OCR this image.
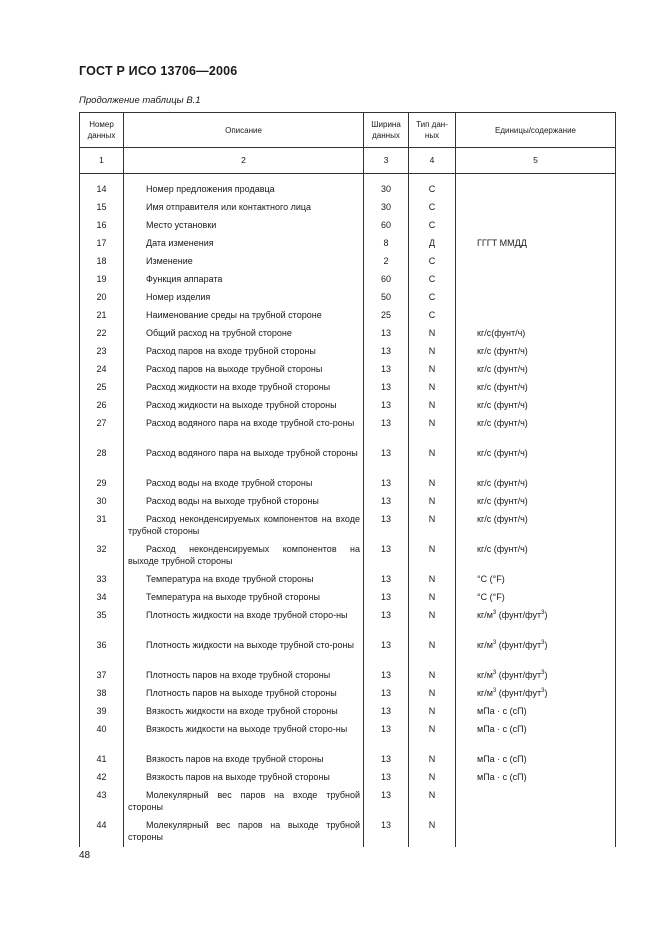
ГОСТ Р ИСО 13706—2006
Продолжение таблицы В.1
Номер данных	Описание	Ширина данных	Тип дан-ных	Единицы/содержание
1	2	3	4	5

14	Номер предложения продавца	30	С	
15	Имя отправителя или контактного лица	30	С	
16	Место установки	60	С	
17	Дата изменения	8	Д	ГГГТ ММДД
18	Изменение	2	С	
19	Функция аппарата	60	С	
20	Номер изделия	50	С	
21	Наименование среды на трубной стороне	25	С	
22	Общий расход на трубной стороне	13	N	кг/с(фунт/ч)
23	Расход паров на входе трубной стороны	13	N	кг/с (фунт/ч)
24	Расход паров на выходе трубной стороны	13	N	кг/с (фунт/ч)
25	Расход жидкости на входе трубной стороны	13	N	кг/с (фунт/ч)
26	Расход жидкости на выходе трубной стороны	13	N	кг/с (фунт/ч)
27	Расход водяного пара на входе трубной сто-роны	13	N	кг/с (фунт/ч)
28	Расход водяного пара на выходе трубной стороны	13	N	кг/с (фунт/ч)
29	Расход воды на входе трубной стороны	13	N	кг/с (фунт/ч)
30	Расход воды на выходе трубной стороны	13	N	кг/с (фунт/ч)
31	Расход неконденсируемых компонентов на входе трубной стороны	13	N	кг/с (фунт/ч)
32	Расход неконденсируемых компонентов на выходе трубной стороны	13	N	кг/с (фунт/ч)
33	Температура на входе трубной стороны	13	N	°С (°F)
34	Температура на выходе трубной стороны	13	N	°С (°F)
35	Плотность жидкости на входе трубной сторо-ны	13	N	$кг/м^3$ (фунт/фут$^3$)
36	Плотность жидкости на выходе трубной сто-роны	13	N	$кг/м^3$ (фунт/фут$^3$)
37	Плотность паров на входе трубной стороны	13	N	$кг/м^3$ (фунт/фут$^3$)
38	Плотность паров на выходе трубной стороны	13	N	$кг/м^3$ (фунт/фут$^3$)
39	Вязкость жидкости на входе трубной стороны	13	N	мПа · с (сП)
40	Вязкость жидкости на выходе трубной сторо-ны	13	N	мПа · с (сП)
41	Вязкость паров на входе трубной стороны	13	N	мПа · с (сП)
42	Вязкость паров на выходе трубной стороны	13	N	мПа · с (сП)
43	Молекулярный вес паров на входе трубной стороны	13	N	
44	Молекулярный вес паров на выходе трубной стороны	13	N	
48
